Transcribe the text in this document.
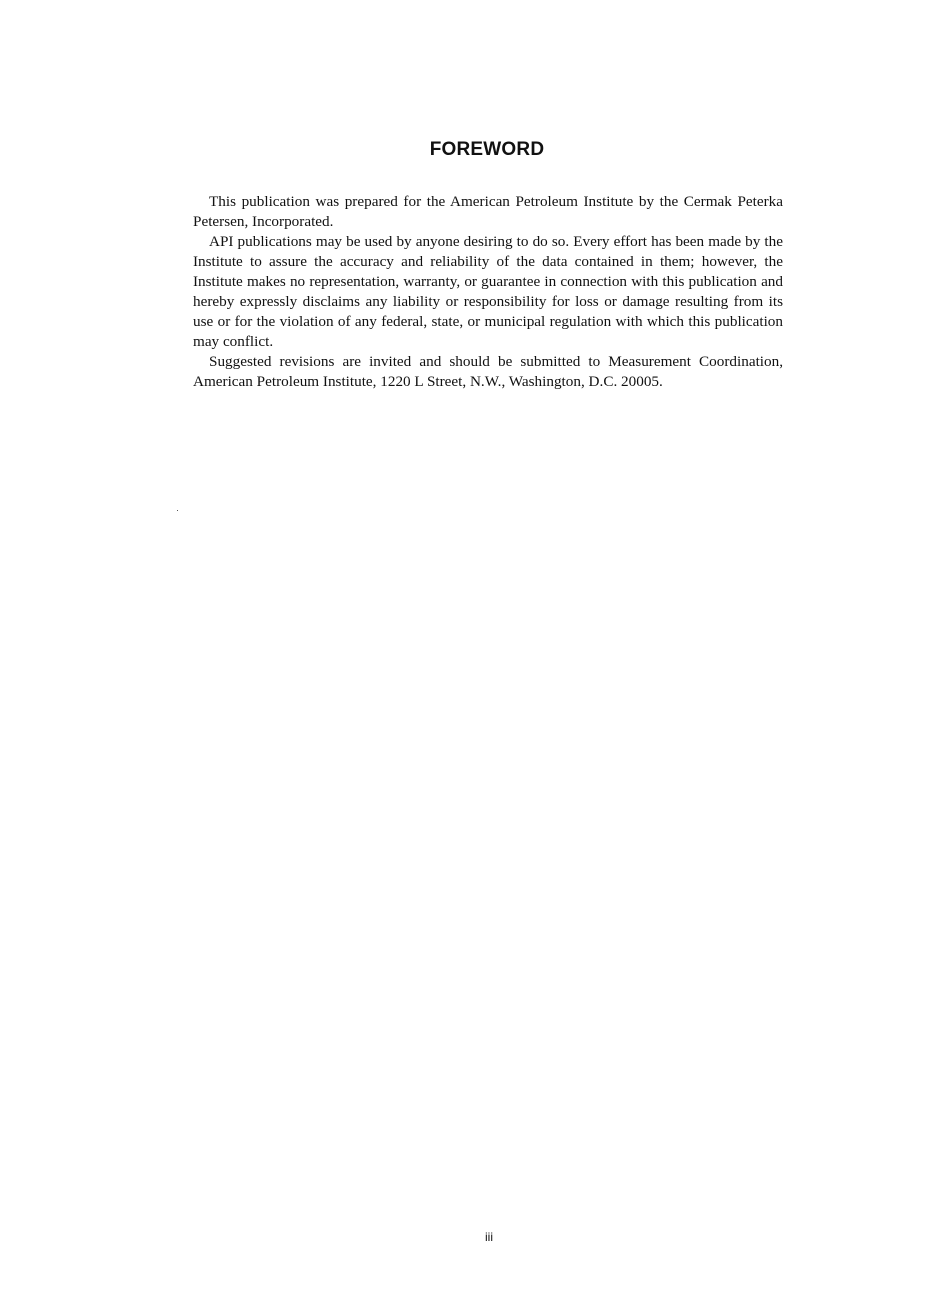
FOREWORD

This publication was prepared for the American Petroleum Institute by the Cermak Peterka Petersen, Incorporated.

API publications may be used by anyone desiring to do so. Every effort has been made by the Institute to assure the accuracy and reliability of the data contained in them; however, the Institute makes no representation, warranty, or guarantee in connection with this publication and hereby expressly disclaims any liability or responsibility for loss or damage resulting from its use or for the violation of any federal, state, or municipal regulation with which this publication may conflict.

Suggested revisions are invited and should be submitted to Measurement Coordination, American Petroleum Institute, 1220 L Street, N.W., Washington, D.C. 20005.

iii
